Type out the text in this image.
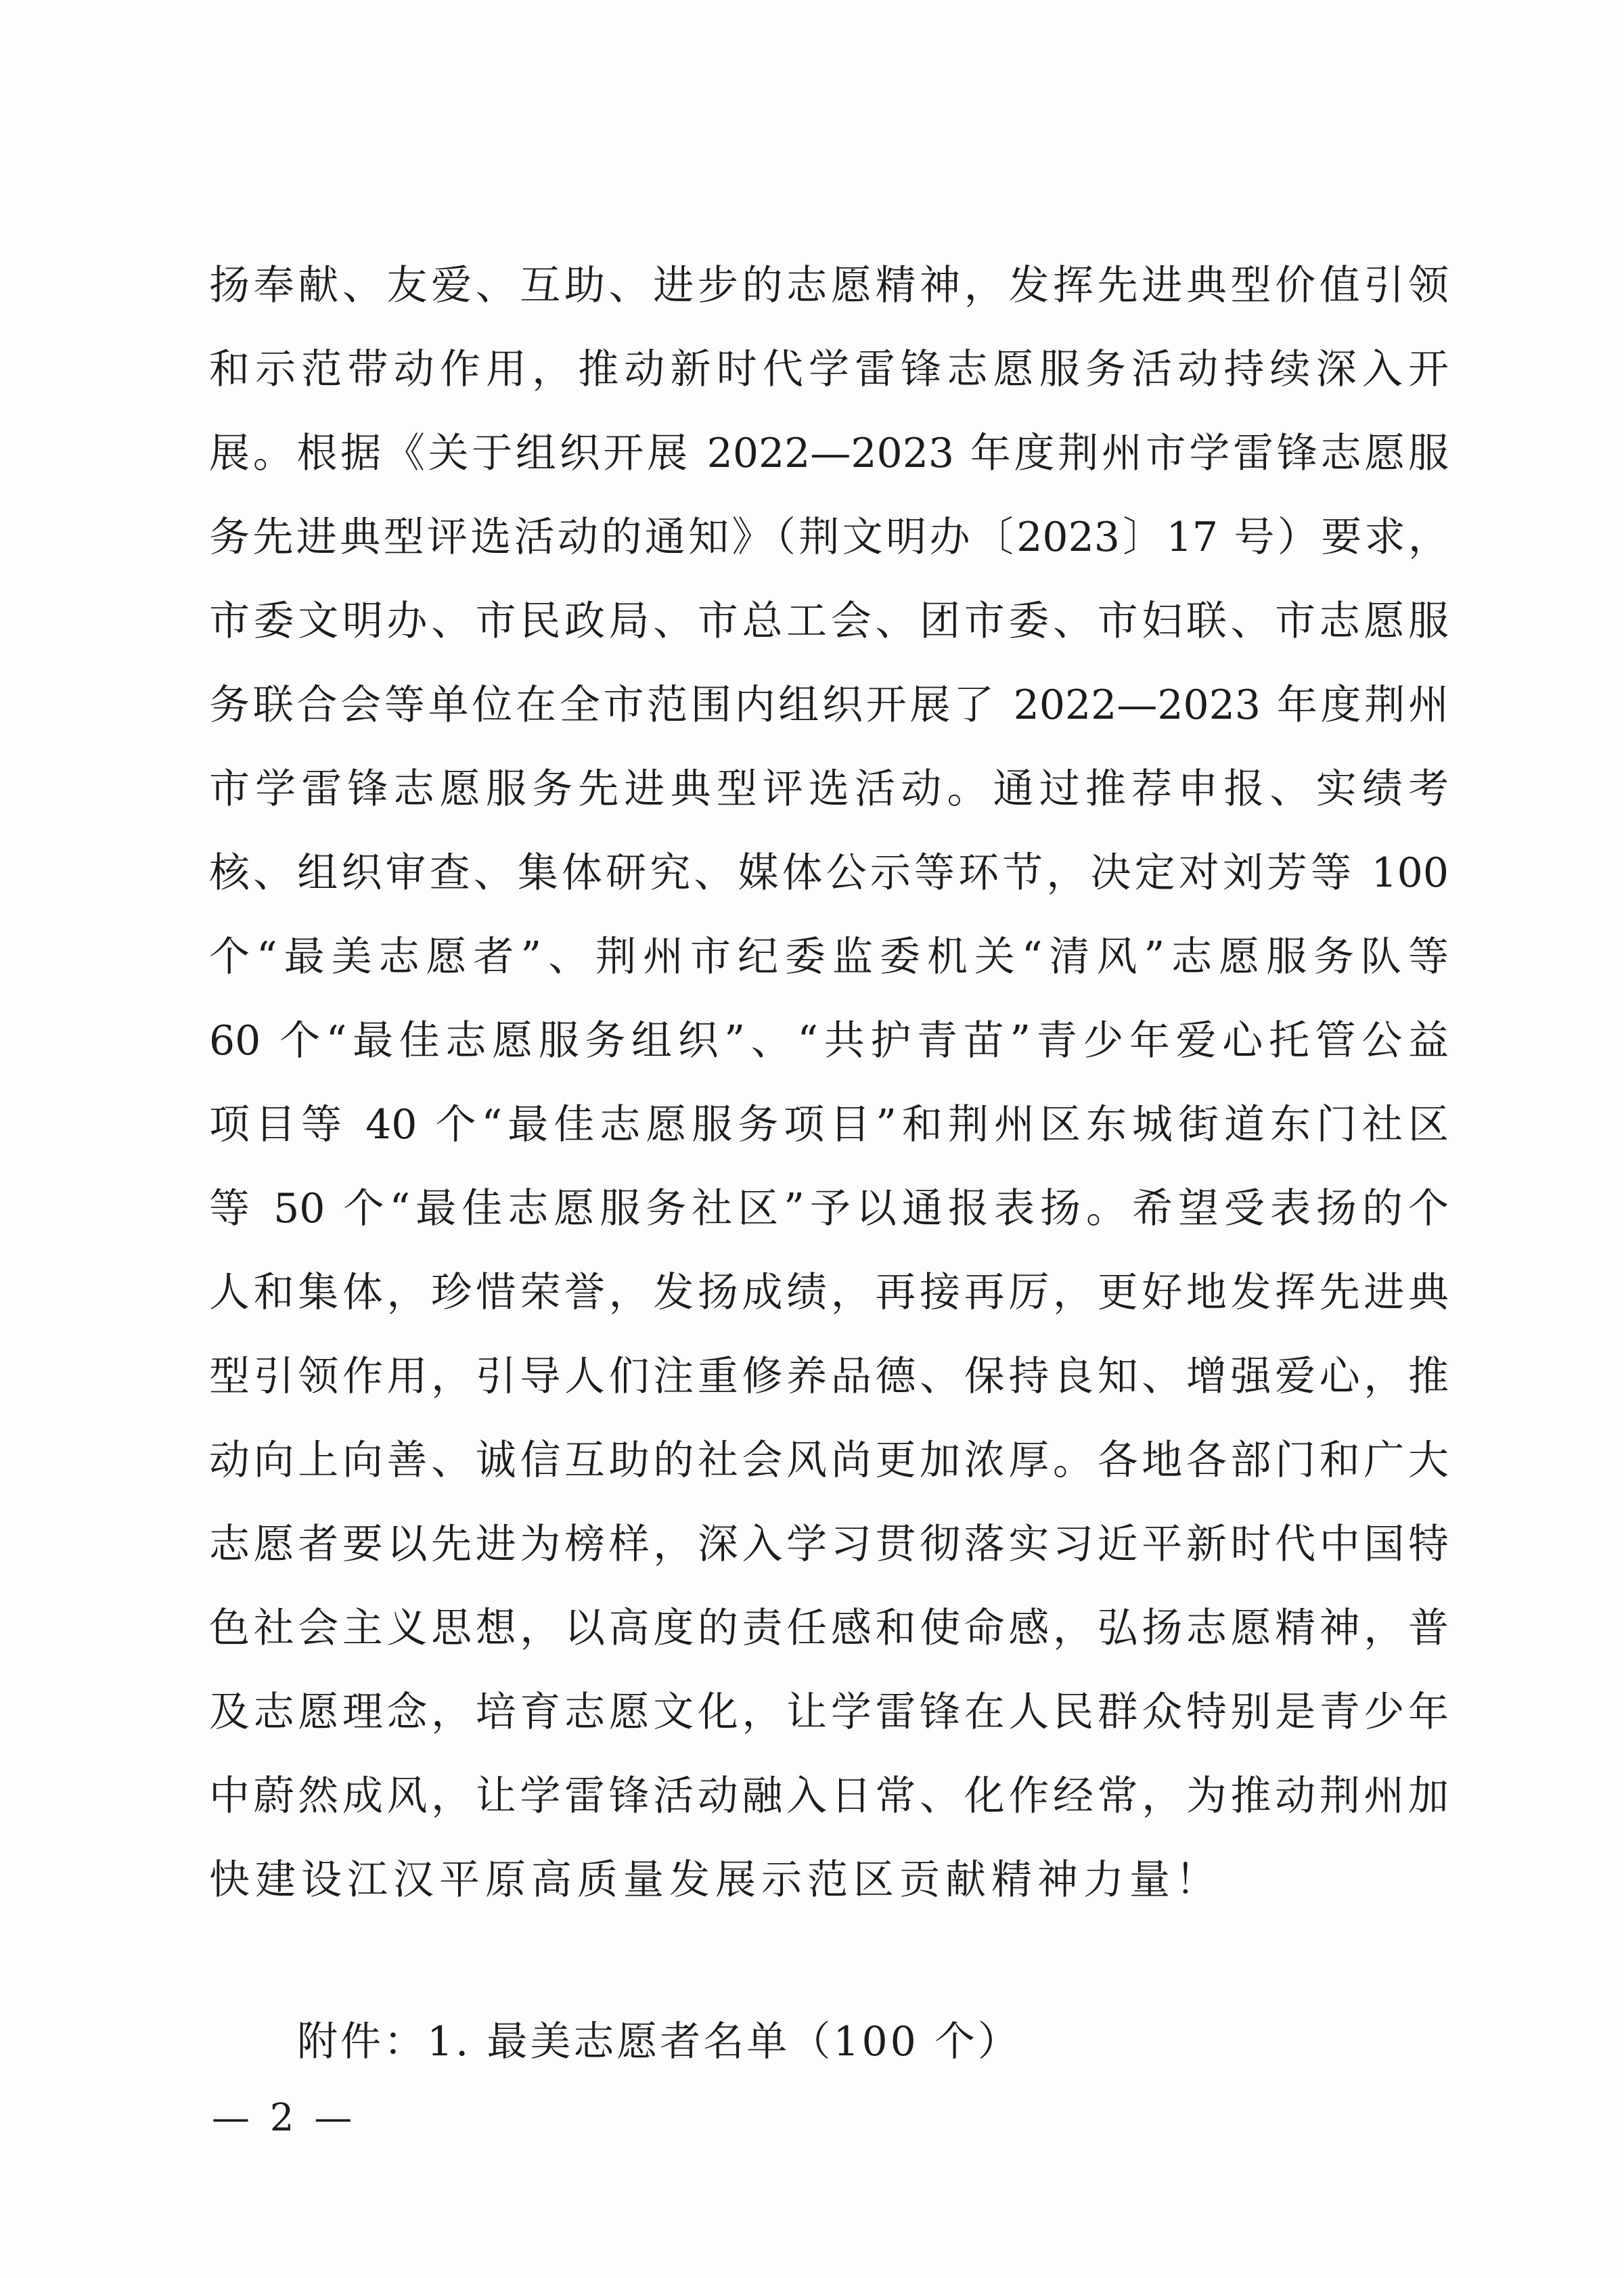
扬奉献、友爱、互助、进步的志愿精神，发挥先进典型价值引领
和示范带动作用，推动新时代学雷锋志愿服务活动持续深入开
展。根据《关于组织开展 2022—2023 年度荆州市学雷锋志愿服
务先进典型评选活动的通知》（荆文明办〔2023〕17 号）要求，
市委文明办、市民政局、市总工会、团市委、市妇联、市志愿服
务联合会等单位在全市范围内组织开展了 2022—2023 年度荆州
市学雷锋志愿服务先进典型评选活动。通过推荐申报、实绩考
核、组织审查、集体研究、媒体公示等环节，决定对刘芳等 100
个“最美志愿者”、荆州市纪委监委机关“清风”志愿服务队等
60 个“最佳志愿服务组织”、“共护青苗”青少年爱心托管公益
项目等 40 个“最佳志愿服务项目”和荆州区东城街道东门社区
等 50 个“最佳志愿服务社区”予以通报表扬。希望受表扬的个
人和集体，珍惜荣誉，发扬成绩，再接再厉，更好地发挥先进典
型引领作用，引导人们注重修养品德、保持良知、增强爱心，推
动向上向善、诚信互助的社会风尚更加浓厚。各地各部门和广大
志愿者要以先进为榜样，深入学习贯彻落实习近平新时代中国特
色社会主义思想，以高度的责任感和使命感，弘扬志愿精神，普
及志愿理念，培育志愿文化，让学雷锋在人民群众特别是青少年
中蔚然成风，让学雷锋活动融入日常、化作经常，为推动荆州加
快建设江汉平原高质量发展示范区贡献精神力量！
附件：1. 最美志愿者名单（100 个）
— 2 —
